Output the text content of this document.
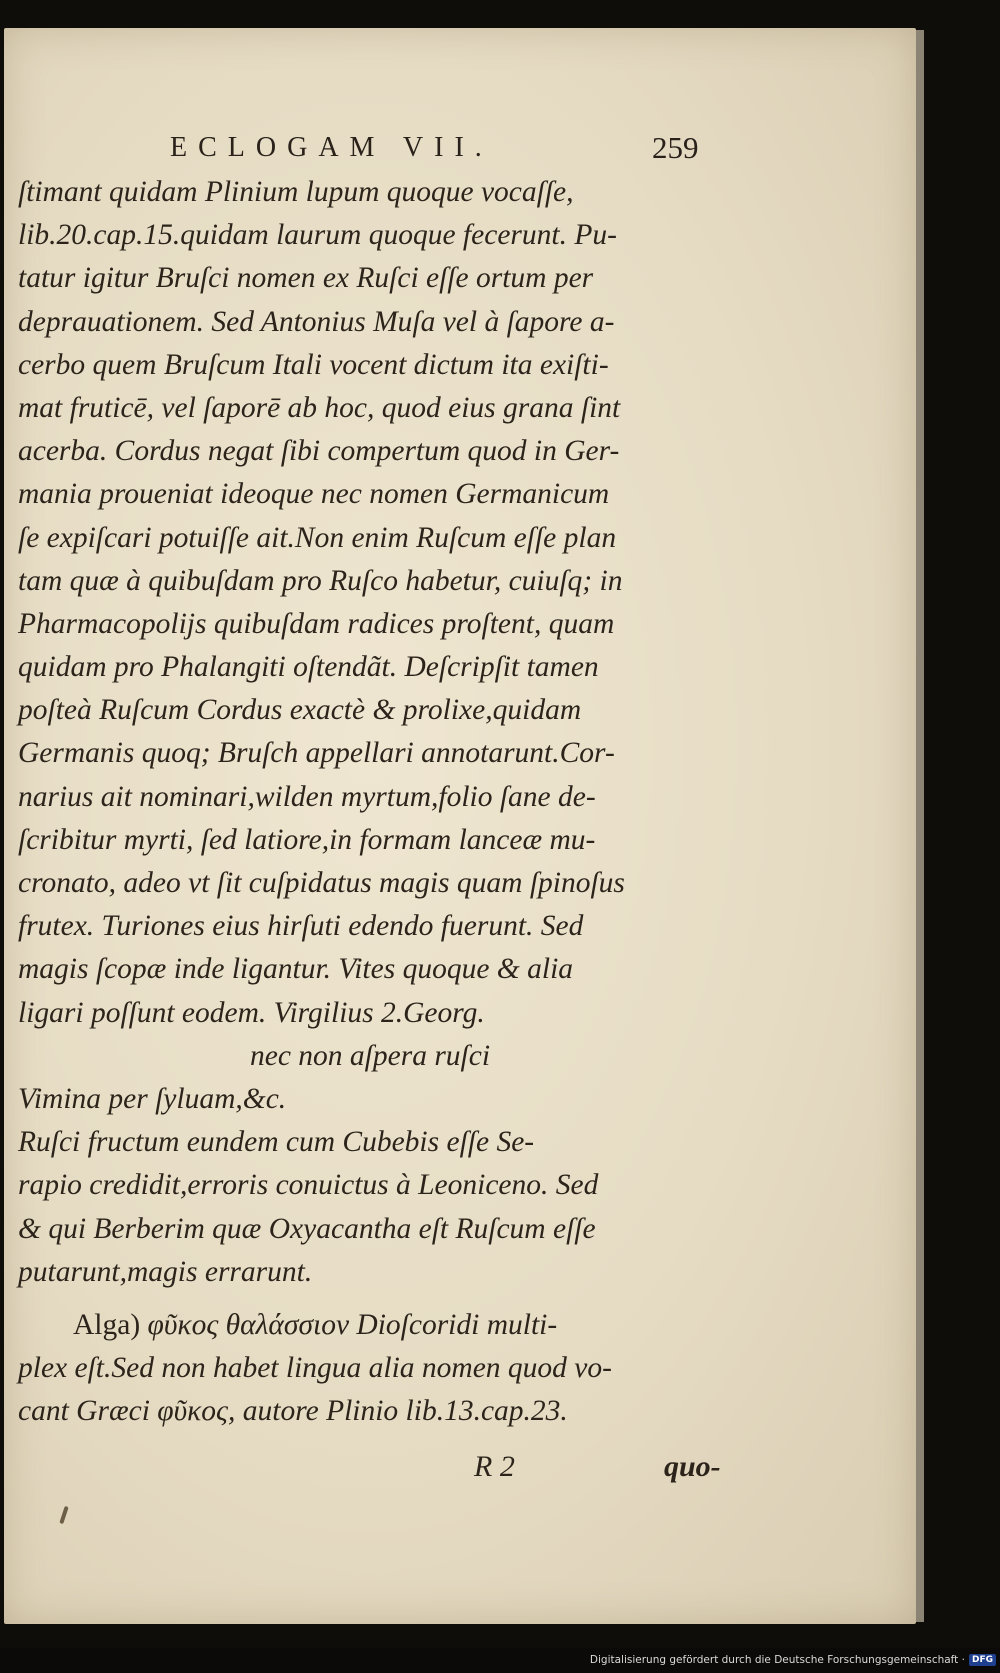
ECLOGAM VII.	259
ſtimant quidam Plinium lupum quoque vocaſſe,
lib.20.cap.15.quidam laurum quoque fecerunt. Pu-
tatur igitur Bruſci nomen ex Ruſci eſſe ortum per
deprauationem. Sed Antonius Muſa vel à ſapore a-
cerbo quem Bruſcum Itali vocent dictum ita exiſti-
mat fruticē, vel ſaporē ab hoc, quod eius grana ſint
acerba. Cordus negat ſibi compertum quod in Ger-
mania proueniat ideoque nec nomen Germanicum
ſe expiſcari potuiſſe ait.Non enim Ruſcum eſſe plan
tam quæ à quibuſdam pro Ruſco habetur, cuiuſq; in
Pharmacopolijs quibuſdam radices proſtent, quam
quidam pro Phalangiti oſtendãt. Deſcripſit tamen
poſteà Ruſcum Cordus exactè & prolixe,quidam
Germanis quoq; Bruſch appellari annotarunt.Cor-
narius ait nominari,wilden myrtum,folio ſane de-
ſcribitur myrti, ſed latiore,in formam lanceæ mu-
cronato, adeo vt ſit cuſpidatus magis quam ſpinoſus
frutex. Turiones eius hirſuti edendo fuerunt. Sed
magis ſcopæ inde ligantur. Vites quoque & alia
ligari poſſunt eodem. Virgilius 2.Georg.
nec non aſpera ruſci
Vimina per ſyluam,&c.
Ruſci fructum eundem cum Cubebis eſſe Se-
rapio credidit,erroris conuictus à Leoniceno. Sed
& qui Berberim quæ Oxyacantha eſt Ruſcum eſſe
putarunt,magis errarunt.
Alga) φῦκος θαλάσσιον Dioſcoridi multi-
plex eſt.Sed non habet lingua alia nomen quod vo-
cant Græci φῦκος, autore Plinio lib.13.cap.23.
R 2	quo-
Digitalisierung gefördert durch die Deutsche Forschungsgemeinschaft · DFG
